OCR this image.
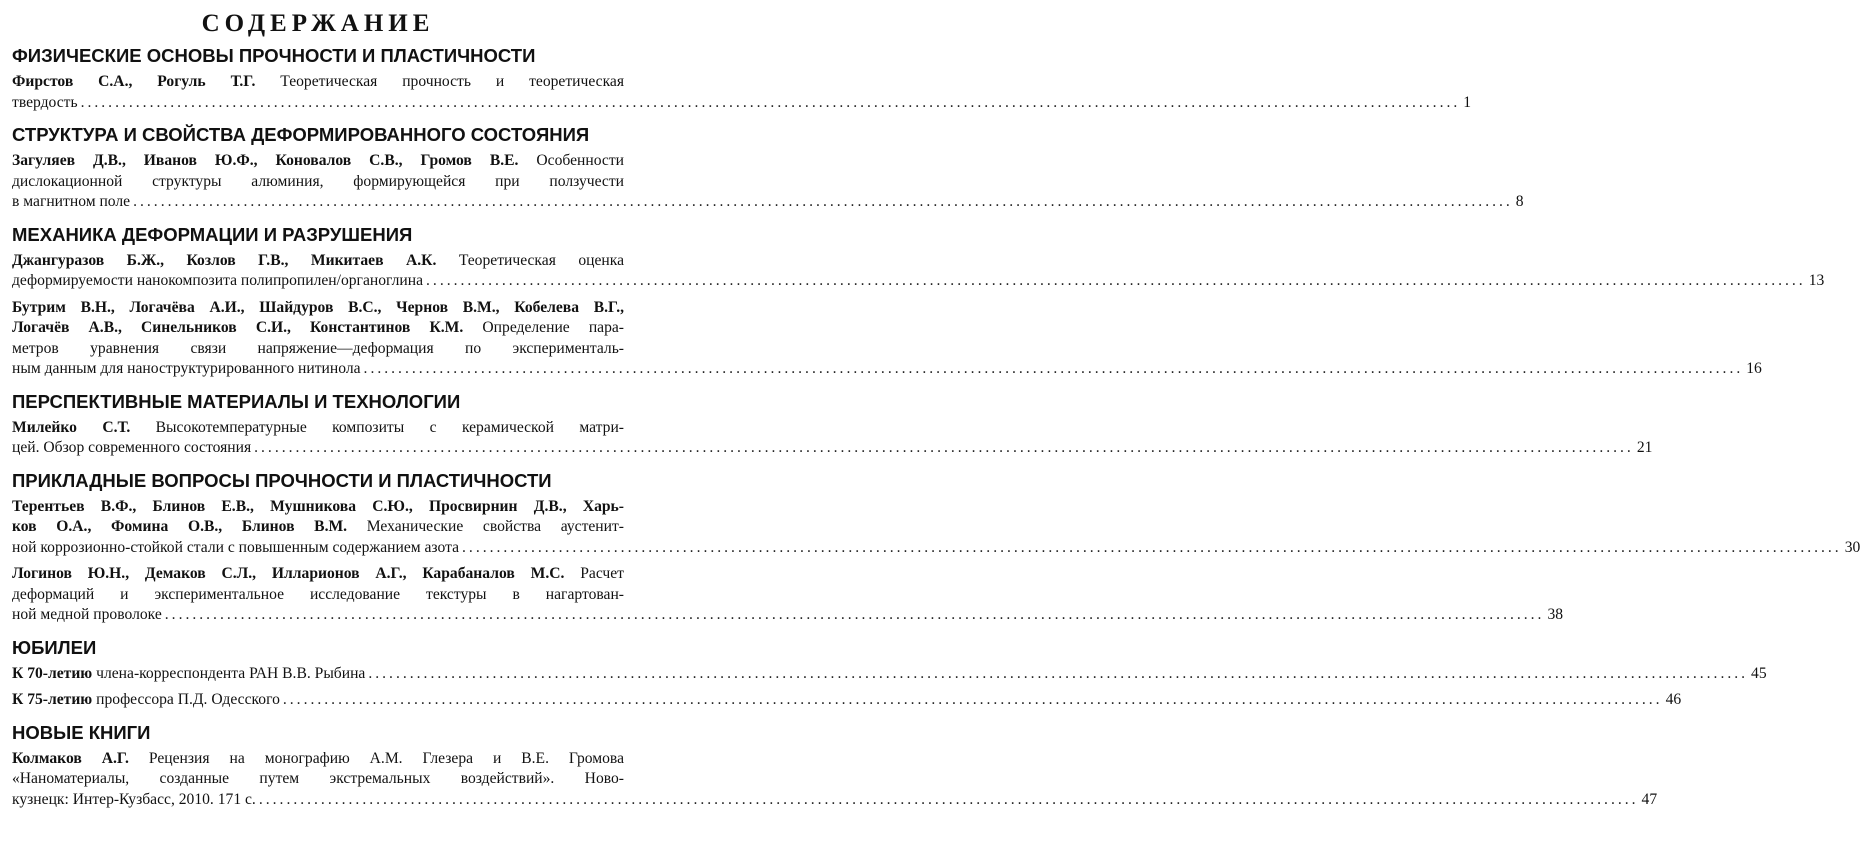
СОДЕРЖАНИЕ
ФИЗИЧЕСКИЕ ОСНОВЫ ПРОЧНОСТИ И ПЛАСТИЧНОСТИ
Фирстов С.А., Рогуль Т.Г. Теоретическая прочность и теоретическая
твердость ........................................................................................................................................................................................................ 1
СТРУКТУРА И СВОЙСТВА ДЕФОРМИРОВАННОГО СОСТОЯНИЯ
Загуляев Д.В., Иванов Ю.Ф., Коновалов С.В., Громов В.Е. Особенности
дислокационной структуры алюминия, формирующейся при ползучести
в магнитном поле ........................................................................................................................................................................................................ 8
МЕХАНИКА ДЕФОРМАЦИИ И РАЗРУШЕНИЯ
Джангуразов Б.Ж., Козлов Г.В., Микитаев А.К. Теоретическая оценка
деформируемости нанокомпозита полипропилен/органоглина ........................................................................................................................................................................................................ 13
Бутрим В.Н., Логачёва А.И., Шайдуров В.С., Чернов В.М., Кобелева В.Г.,
Логачёв А.В., Синельников С.И., Константинов К.М. Определение пара-
метров уравнения связи напряжение—деформация по эксперименталь-
ным данным для наноструктурированного нитинола ........................................................................................................................................................................................................ 16
ПЕРСПЕКТИВНЫЕ МАТЕРИАЛЫ И ТЕХНОЛОГИИ
Милейко С.Т. Высокотемпературные композиты с керамической матри-
цей. Обзор современного состояния ........................................................................................................................................................................................................ 21
ПРИКЛАДНЫЕ ВОПРОСЫ ПРОЧНОСТИ И ПЛАСТИЧНОСТИ
Терентьев В.Ф., Блинов Е.В., Мушникова С.Ю., Просвирнин Д.В., Харь-
ков О.А., Фомина О.В., Блинов В.М. Механические свойства аустенит-
ной коррозионно-стойкой стали с повышенным содержанием азота ........................................................................................................................................................................................................ 30
Логинов Ю.Н., Демаков С.Л., Илларионов А.Г., Карабаналов М.С. Расчет
деформаций и экспериментальное исследование текстуры в нагартован-
ной медной проволоке ........................................................................................................................................................................................................ 38
ЮБИЛЕИ
К 70-летию члена-корреспондента РАН В.В. Рыбина ........................................................................................................................................................................................................ 45
К 75-летию профессора П.Д. Одесского ........................................................................................................................................................................................................ 46
НОВЫЕ КНИГИ
Колмаков А.Г. Рецензия на монографию А.М. Глезера и В.Е. Громова
«Наноматериалы, созданные путем экстремальных воздействий». Ново-
кузнецк: Интер-Кузбасс, 2010. 171 с. ........................................................................................................................................................................................................ 47
